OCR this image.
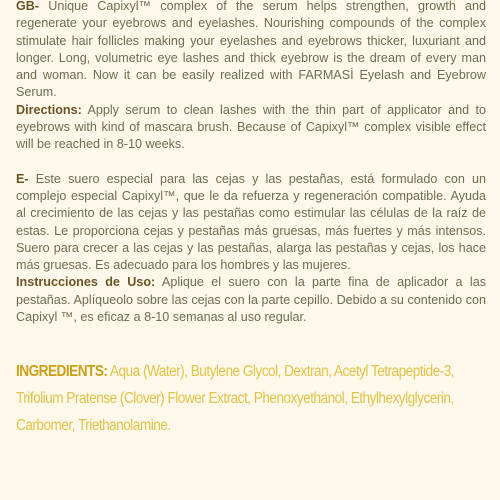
GB- Unique Capixyl™ complex of the serum helps strengthen, growth and regenerate your eyebrows and eyelashes. Nourishing compounds of the complex stimulate hair follicles making your eyelashes and eyebrows thicker, luxuriant and longer. Long, volumetric eye lashes and thick eyebrow is the dream of every man and woman. Now it can be easily realized with FARMASİ Eyelash and Eyebrow Serum.

Directions: Apply serum to clean lashes with the thin part of applicator and to eyebrows with kind of mascara brush. Because of Capixyl™ complex visible effect will be reached in 8-10 weeks.

E- Este suero especial para las cejas y las pestañas, está formulado con un complejo especial Capixyl™, que le da refuerza y regeneración compatible. Ayuda al crecimiento de las cejas y las pestañas como estimular las células de la raíz de estas. Le proporciona cejas y pestañas más gruesas, más fuertes y más intensos. Suero para crecer a las cejas y las pestañas, alarga las pestañas y cejas, los hace más gruesas. Es adecuado para los hombres y las mujeres.

Instrucciones de Uso: Aplique el suero con la parte fina de aplicador a las pestañas. Aplíqueolo sobre las cejas con la parte cepillo. Debido a su contenido con Capixyl ™, es eficaz a 8-10 semanas al uso regular.

INGREDIENTS: Aqua (Water), Butylene Glycol, Dextran, Acetyl Tetrapeptide-3, Trifolium Pratense (Clover) Flower Extract, Phenoxyethanol, Ethylhexylglycerin, Carbomer, Triethanolamine.
